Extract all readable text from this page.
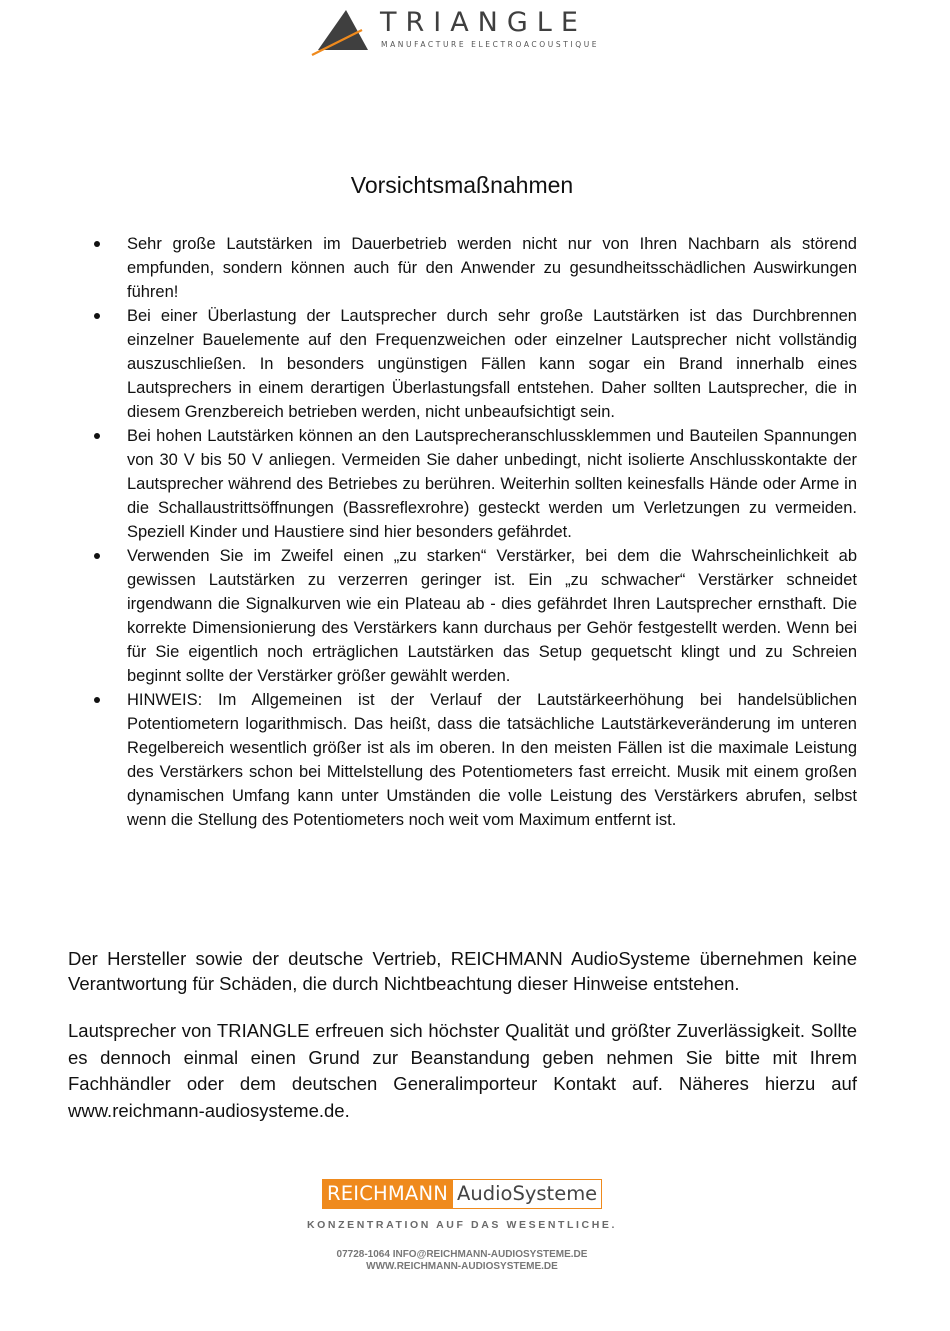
TRIANGLE
MANUFACTURE ELECTROACOUSTIQUE
Vorsichtsmaßnahmen
Sehr große Lautstärken im Dauerbetrieb werden nicht nur von Ihren Nachbarn als störend empfunden, sondern können auch für den Anwender zu gesundheitsschädlichen Auswirkungen führen!
Bei einer Überlastung der Lautsprecher durch sehr große Lautstärken ist das Durchbrennen einzelner Bauelemente auf den Frequenzweichen oder einzelner Lautsprecher nicht vollständig auszuschließen. In besonders ungünstigen Fällen kann sogar ein Brand innerhalb eines Lautsprechers in einem derartigen Überlastungsfall entstehen. Daher sollten Lautsprecher, die in diesem Grenzbereich betrieben werden, nicht unbeaufsichtigt sein.
Bei hohen Lautstärken können an den Lautsprecheranschlussklemmen und Bauteilen Spannungen von 30 V bis 50 V anliegen. Vermeiden Sie daher unbedingt, nicht isolierte Anschlusskontakte der Lautsprecher während des Betriebes zu berühren. Weiterhin sollten keinesfalls Hände oder Arme in die Schallaustrittsöffnungen (Bassreflexrohre) gesteckt werden um Verletzungen zu vermeiden. Speziell Kinder und Haustiere sind hier besonders gefährdet.
Verwenden Sie im Zweifel einen „zu starken“ Verstärker, bei dem die Wahrscheinlichkeit ab gewissen Lautstärken zu verzerren geringer ist. Ein „zu schwacher“ Verstärker schneidet irgendwann die Signalkurven wie ein Plateau ab - dies gefährdet Ihren Lautsprecher ernsthaft. Die korrekte Dimensionierung des Verstärkers kann durchaus per Gehör festgestellt werden. Wenn bei für Sie eigentlich noch erträglichen Lautstärken das Setup gequetscht klingt und zu Schreien beginnt sollte der Verstärker größer gewählt werden.
HINWEIS: Im Allgemeinen ist der Verlauf der Lautstärkeerhöhung bei handelsüblichen Potentiometern logarithmisch. Das heißt, dass die tatsächliche Lautstärkeveränderung im unteren Regelbereich wesentlich größer ist als im oberen. In den meisten Fällen ist die maximale Leistung des Verstärkers schon bei Mittelstellung des Potentiometers fast erreicht. Musik mit einem großen dynamischen Umfang kann unter Umständen die volle Leistung des Verstärkers abrufen, selbst wenn die Stellung des Potentiometers noch weit vom Maximum entfernt ist.

Der Hersteller sowie der deutsche Vertrieb, REICHMANN AudioSysteme übernehmen keine Verantwortung für Schäden, die durch Nichtbeachtung dieser Hinweise entstehen.

Lautsprecher von TRIANGLE erfreuen sich höchster Qualität und größter Zuverlässigkeit. Sollte es dennoch einmal einen Grund zur Beanstandung geben nehmen Sie bitte mit Ihrem Fachhändler oder dem deutschen Generalimporteur Kontakt auf. Näheres hierzu auf www.reichmann-audiosysteme.de.

REICHMANN AudioSysteme
KONZENTRATION AUF DAS WESENTLICHE.
07728-1064 INFO@REICHMANN-AUDIOSYSTEME.DE
WWW.REICHMANN-AUDIOSYSTEME.DE
